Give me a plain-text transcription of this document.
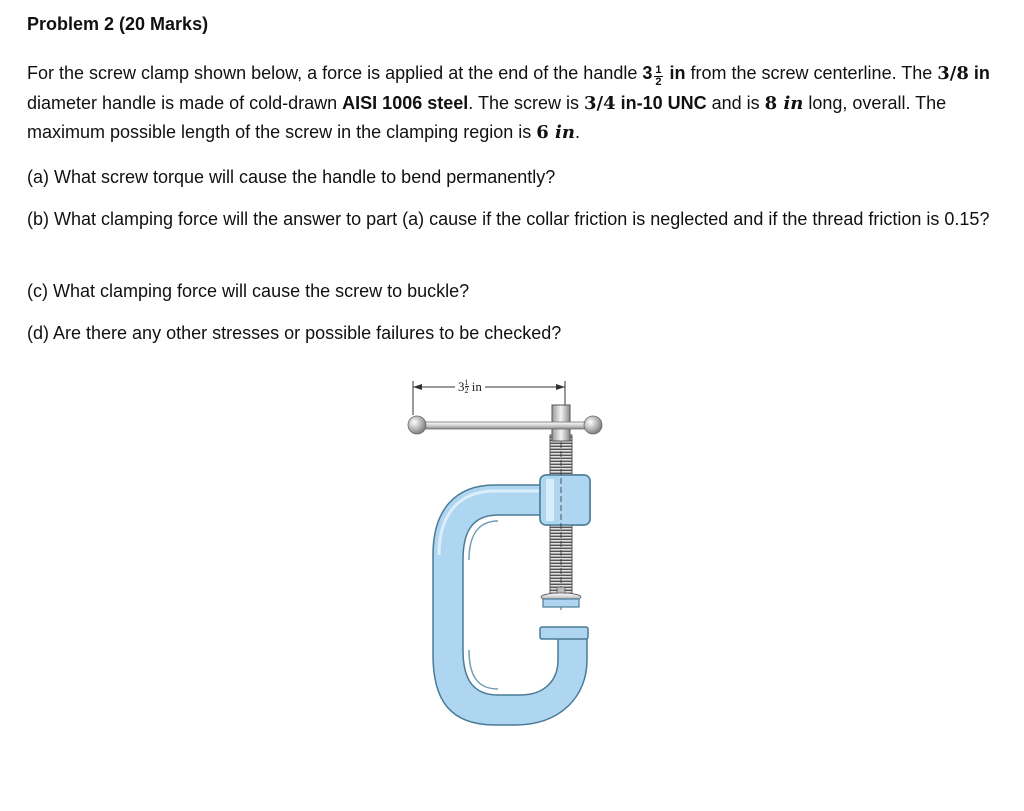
Problem 2 (20 Marks)
For the screw clamp shown below, a force is applied at the end of the handle $3 \frac{1}{2}$ in from the screw centerline. The 3/8 in diameter handle is made of cold-drawn AISI 1006 steel. The screw is 3/4 in-10 UNC and is 8 in long, overall. The maximum possible length of the screw in the clamping region is 6 in.
(a) What screw torque will cause the handle to bend permanently?
(b) What clamping force will the answer to part (a) cause if the collar friction is neglected and if the thread friction is 0.15?
(c) What clamping force will cause the screw to buckle?
(d) Are there any other stresses or possible failures to be checked?
$3 \frac{1}{2}$ in
